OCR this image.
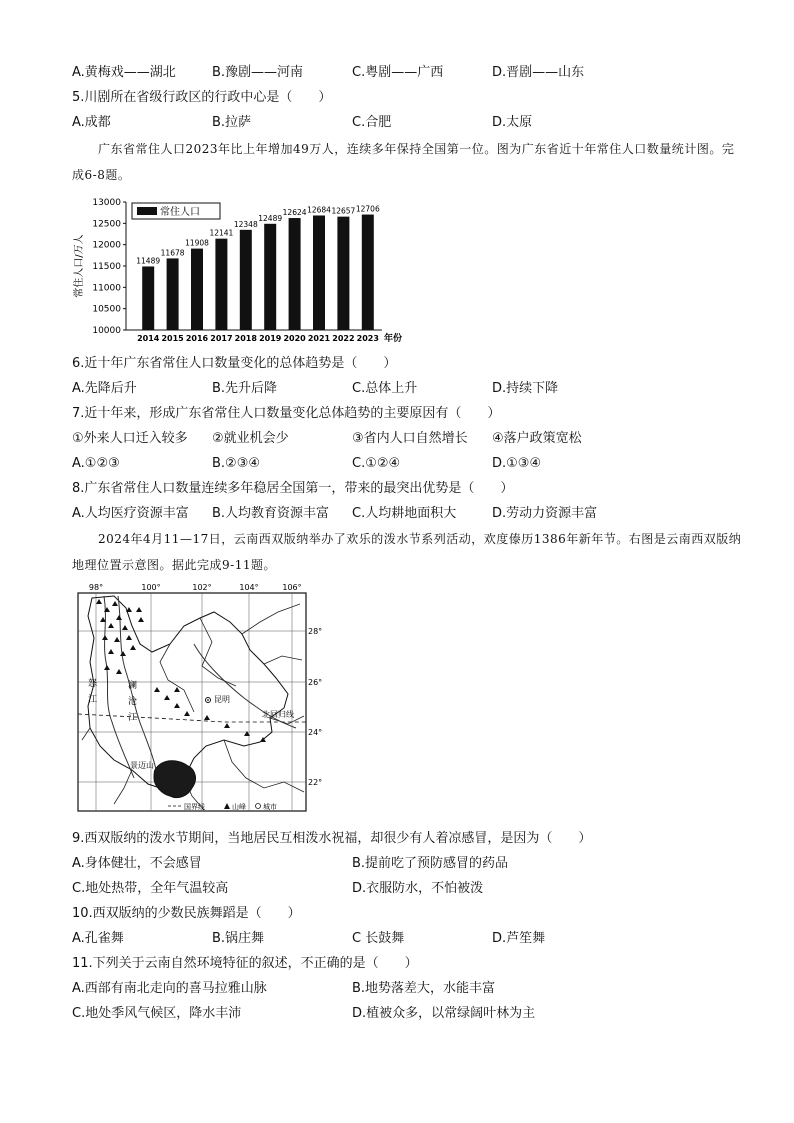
A.黄梅戏——湖北	B.豫剧——河南	C.粤剧——广西	D.晋剧——山东
5.川剧所在省级行政区的行政中心是（　　）
A.成都	B.拉萨	C.合肥	D.太原
广东省常住人口2023年比上年增加49万人，连续多年保持全国第一位。图为广东省近十年常住人口数量统计图。完成6-8题。
13000
12500
12000
11500
11000
10500
10000
常住人口/万人	11489
2014
11678
2015
11908
2016
12141
2017
12348
2018
12489
2019
12624
2020
12684
2021
12657
2022
12706
2023 年份
常住人口
6.近十年广东省常住人口数量变化的总体趋势是（　　）
A.先降后升	B.先升后降	C.总体上升	D.持续下降
7.近十年来，形成广东省常住人口数量变化总体趋势的主要原因有（　　）
①外来人口迁入较多 ②就业机会少	③省内人口自然增长 ④落户政策宽松
A.①②③	B.②③④	C.①②④	D.①③④
8.广东省常住人口数量连续多年稳居全国第一，带来的最突出优势是（　　）
A.人均医疗资源丰富 B.人均教育资源丰富 C.人均耕地面积大	D.劳动力资源丰富
2024年4月11—17日，云南西双版纳举办了欢乐的泼水节系列活动，欢度傣历1386年新年节。右图是云南西双版纳地理位置示意图。据此完成9-11题。
98°	100°	102°	104°	106°
28°
26°
24°
22°
景迈山
北回归线
昆明
怒
江
澜
沧
江
国界线	山峰 城市
9.西双版纳的泼水节期间，当地居民互相泼水祝福，却很少有人着凉感冒，是因为（　　）
A.身体健壮，不会感冒	B.提前吃了预防感冒的药品
C.地处热带，全年气温较高	D.衣服防水，不怕被泼
10.西双版纳的少数民族舞蹈是（　　）
A.孔雀舞	B.锅庄舞	C 长鼓舞	D.芦笙舞
11.下列关于云南自然环境特征的叙述，不正确的是（　　）
A.西部有南北走向的喜马拉雅山脉	B.地势落差大，水能丰富
C.地处季风气候区，降水丰沛	D.植被众多，以常绿阔叶林为主
